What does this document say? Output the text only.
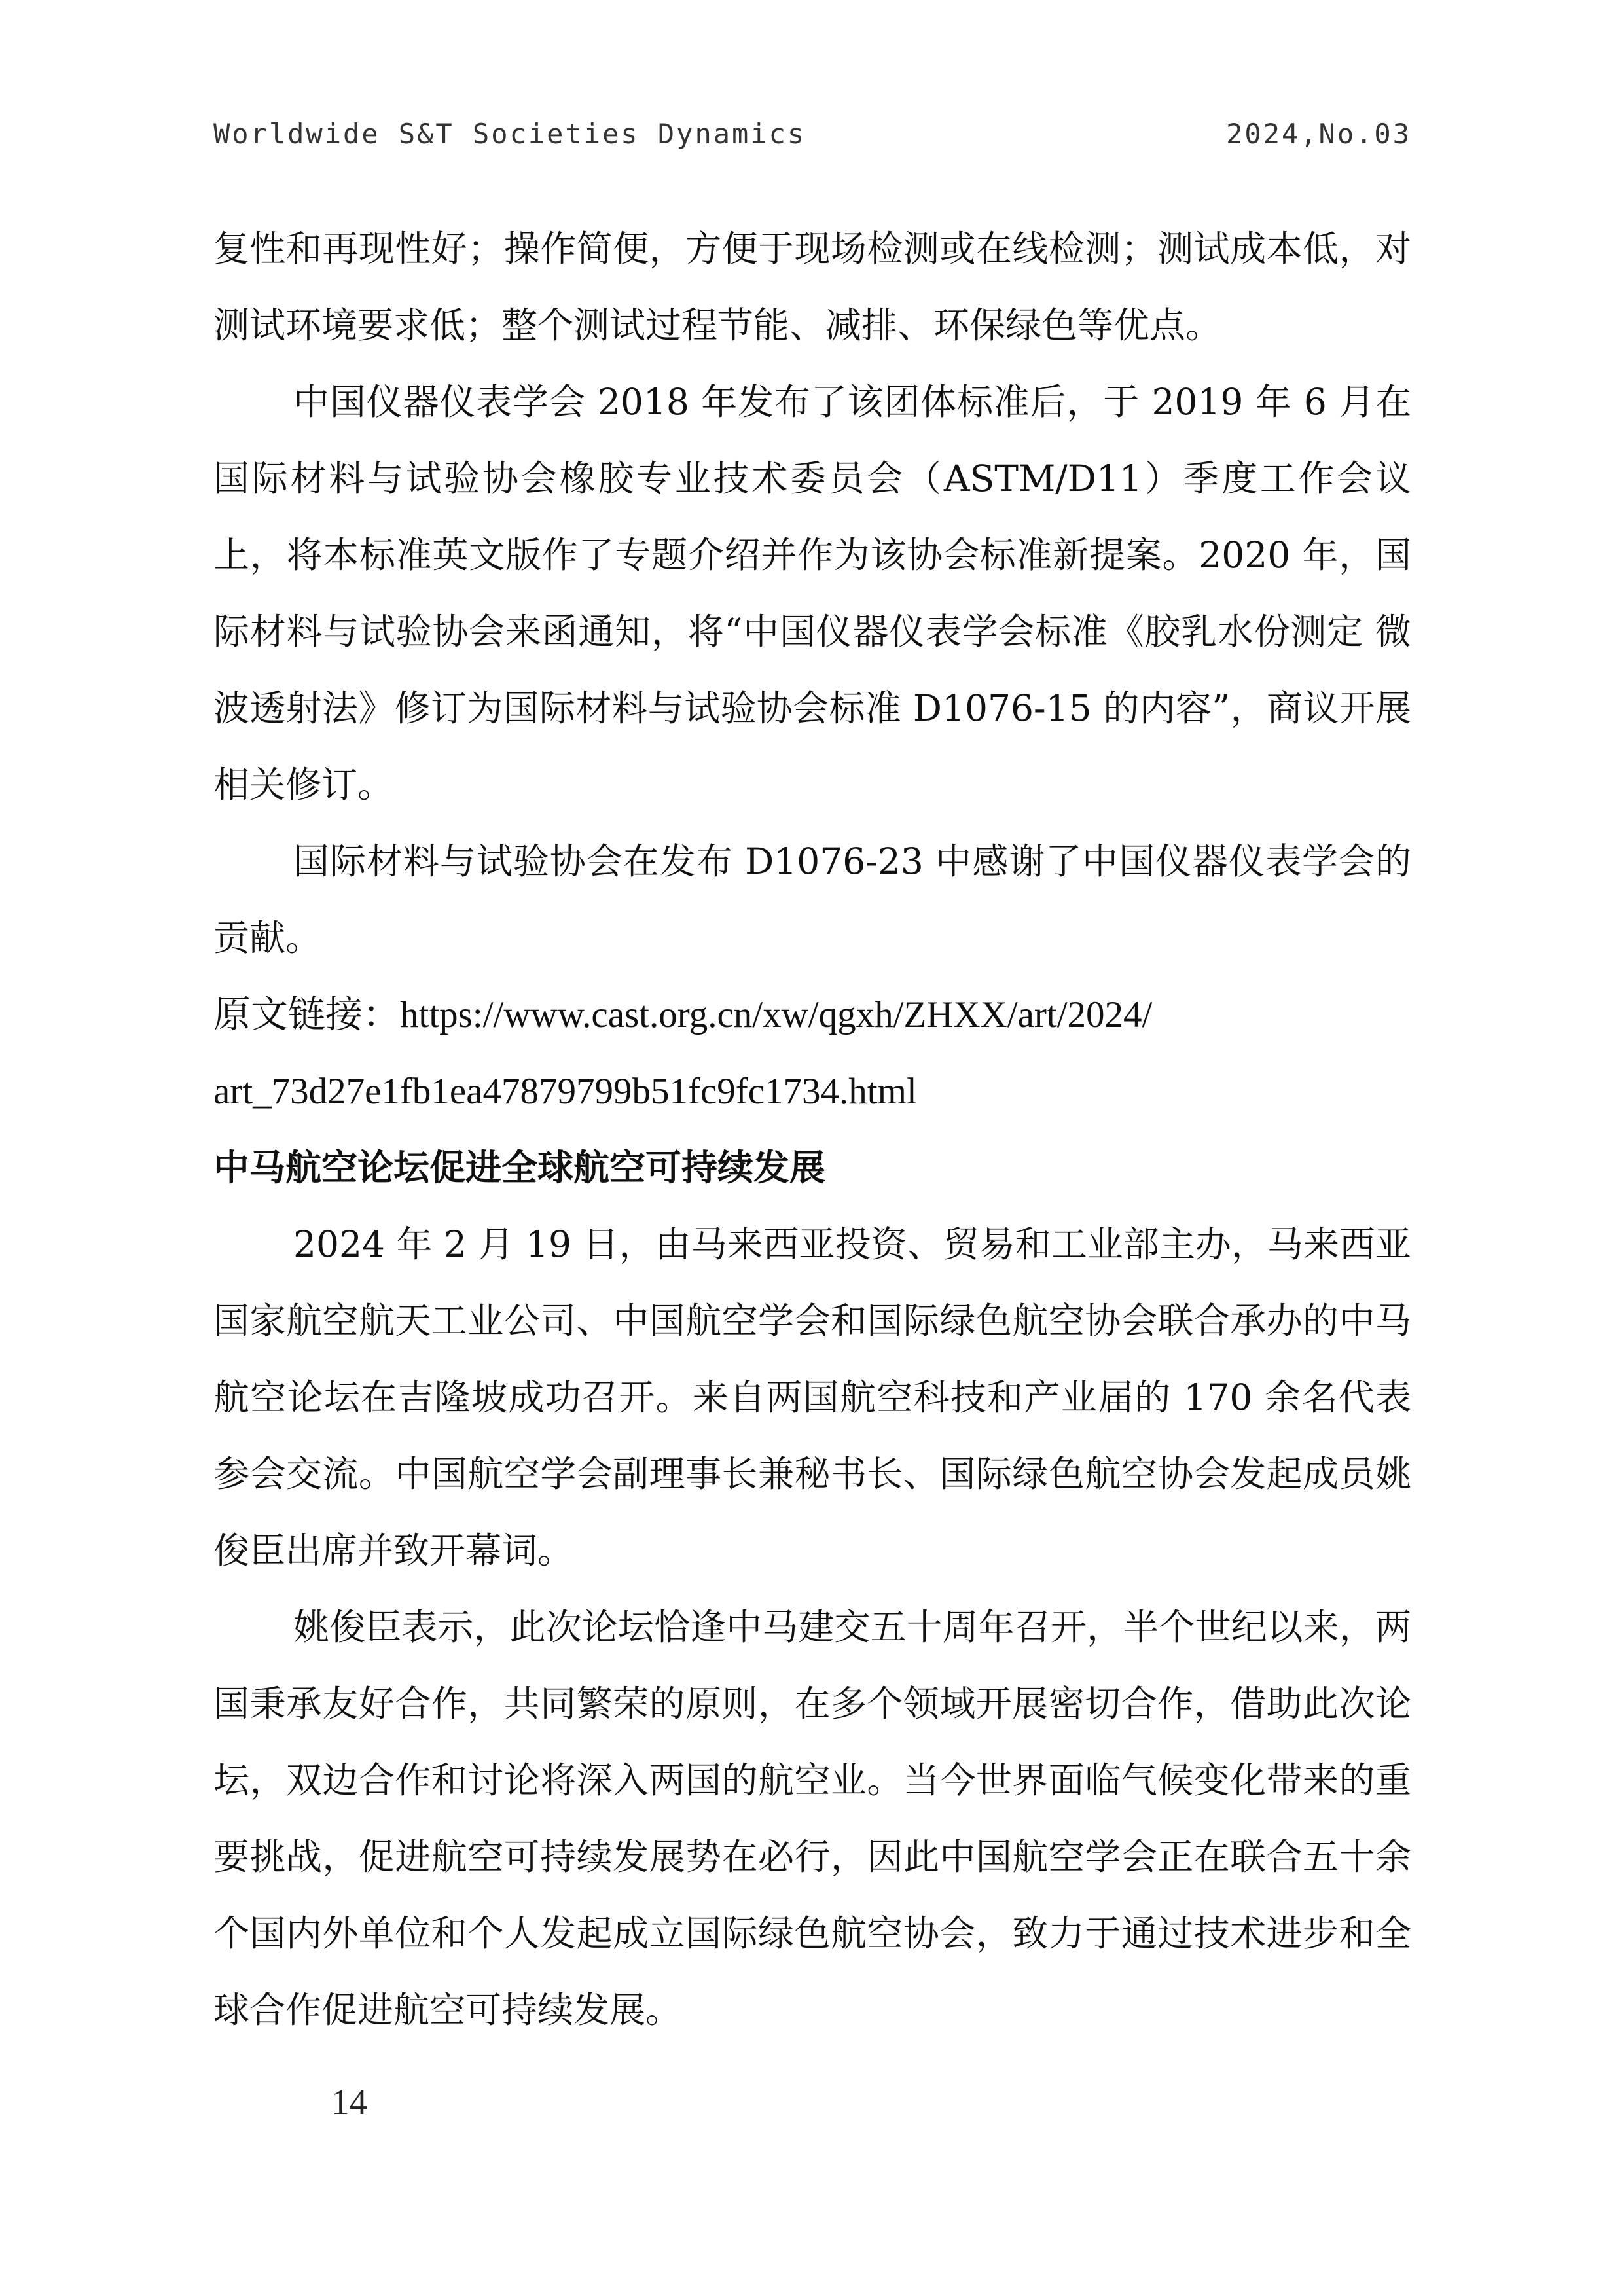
Worldwide S&T Societies Dynamics	2024,No.03

复性和再现性好；操作简便，方便于现场检测或在线检测；测试成本低，对测试环境要求低；整个测试过程节能、减排、环保绿色等优点。

中国仪器仪表学会 2018 年发布了该团体标准后，于 2019 年 6 月在国际材料与试验协会橡胶专业技术委员会（ASTM/D11）季度工作会议上，将本标准英文版作了专题介绍并作为该协会标准新提案。2020 年，国际材料与试验协会来函通知，将“中国仪器仪表学会标准《胶乳水份测定 微波透射法》修订为国际材料与试验协会标准 D1076-15 的内容”，商议开展相关修订。

国际材料与试验协会在发布 D1076-23 中感谢了中国仪器仪表学会的贡献。

原文链接：https://www.cast.org.cn/xw/qgxh/ZHXX/art/2024/
art_73d27e1fb1ea47879799b51fc9fc1734.html

中马航空论坛促进全球航空可持续发展

2024 年 2 月 19 日，由马来西亚投资、贸易和工业部主办，马来西亚国家航空航天工业公司、中国航空学会和国际绿色航空协会联合承办的中马航空论坛在吉隆坡成功召开。来自两国航空科技和产业届的 170 余名代表参会交流。中国航空学会副理事长兼秘书长、国际绿色航空协会发起成员姚俊臣出席并致开幕词。

姚俊臣表示，此次论坛恰逢中马建交五十周年召开，半个世纪以来，两国秉承友好合作，共同繁荣的原则，在多个领域开展密切合作，借助此次论坛，双边合作和讨论将深入两国的航空业。当今世界面临气候变化带来的重要挑战，促进航空可持续发展势在必行，因此中国航空学会正在联合五十余个国内外单位和个人发起成立国际绿色航空协会，致力于通过技术进步和全球合作促进航空可持续发展。

14
